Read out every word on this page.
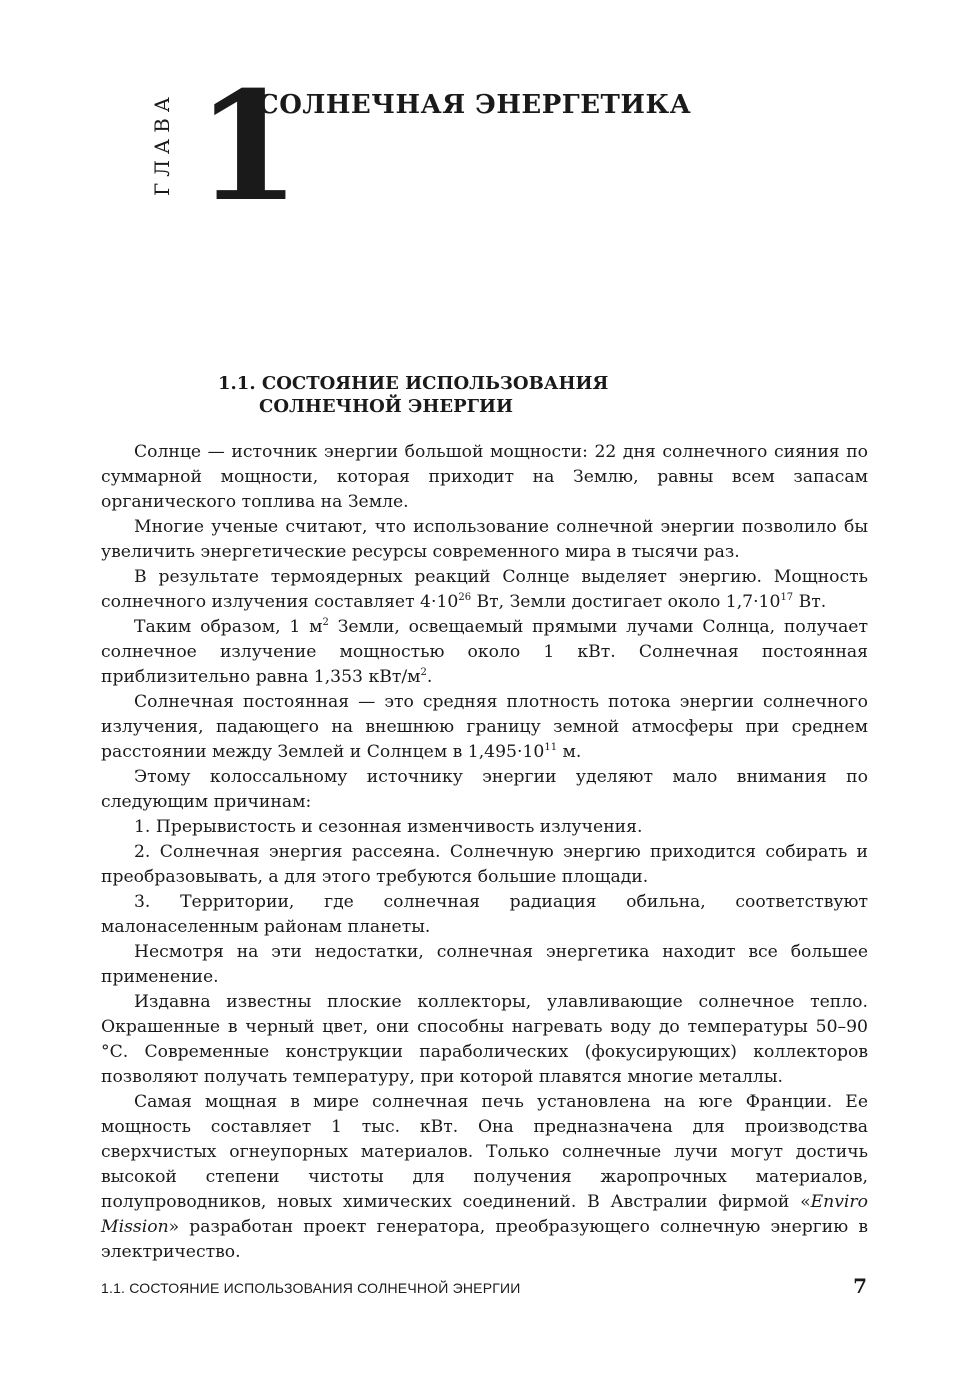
ГЛАВА 1
СОЛНЕЧНАЯ ЭНЕРГЕТИКА
1.1. СОСТОЯНИЕ ИСПОЛЬЗОВАНИЯ
СОЛНЕЧНОЙ ЭНЕРГИИ

Солнце — источник энергии большой мощности: 22 дня солнечного сияния по суммарной мощности, которая приходит на Землю, равны всем запасам органического топлива на Земле.

Многие ученые считают, что использование солнечной энергии позволило бы увеличить энергетические ресурсы современного мира в тысячи раз.

В результате термоядерных реакций Солнце выделяет энергию. Мощность солнечного излучения составляет $4\cdot 10^{26}$ Вт, Земли достигает около $1,7\cdot 10^{17}$ Вт.

Таким образом, 1 $м^2$ Земли, освещаемый прямыми лучами Солнца, получает солнечное излучение мощностью около 1 кВт. Солнечная постоянная приблизительно равна 1,353 кВт/$м^2$.

Солнечная постоянная — это средняя плотность потока энергии солнечного излучения, падающего на внешнюю границу земной атмосферы при среднем расстоянии между Землей и Солнцем в $1,495\cdot 10^{11}$ м.

Этому колоссальному источнику энергии уделяют мало внимания по следующим причинам:

1. Прерывистость и сезонная изменчивость излучения.

2. Солнечная энергия рассеяна. Солнечную энергию приходится собирать и преобразовывать, а для этого требуются большие площади.

3. Территории, где солнечная радиация обильна, соответствуют малонаселенным районам планеты.

Несмотря на эти недостатки, солнечная энергетика находит все большее применение.

Издавна известны плоские коллекторы, улавливающие солнечное тепло. Окрашенные в черный цвет, они способны нагревать воду до температуры 50–90 °С. Современные конструкции параболических (фокусирующих) коллекторов позволяют получать температуру, при которой плавятся многие металлы.

Самая мощная в мире солнечная печь установлена на юге Франции. Ее мощность составляет 1 тыс. кВт. Она предназначена для производства сверхчистых огнеупорных материалов. Только солнечные лучи могут достичь высокой степени чистоты для получения жаропрочных материалов, полупроводников, новых химических соединений. В Австралии фирмой «Enviro Mission» разработан проект генератора, преобразующего солнечную энергию в электричество.

1.1. СОСТОЯНИЕ ИСПОЛЬЗОВАНИЯ СОЛНЕЧНОЙ ЭНЕРГИИ	7
